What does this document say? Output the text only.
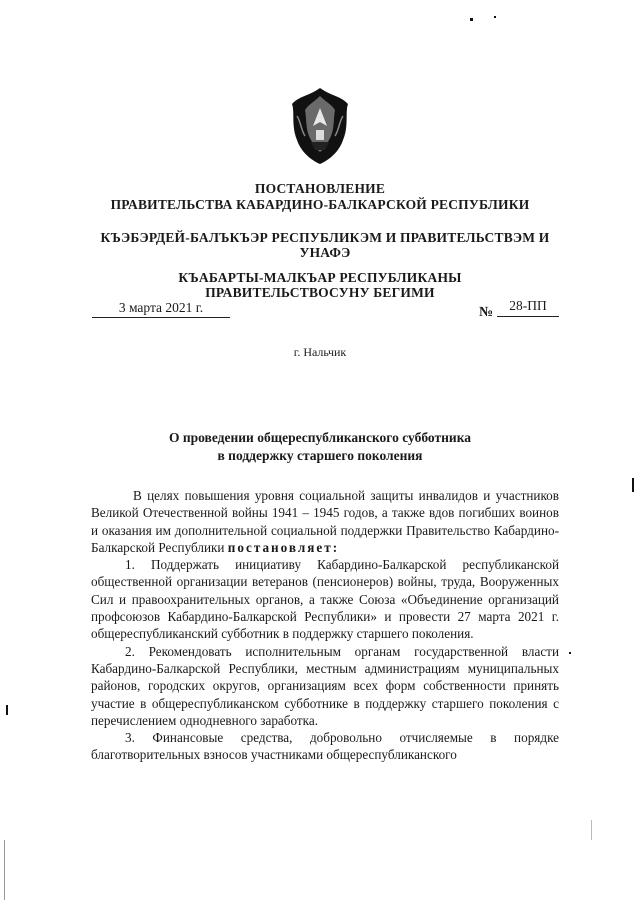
ПОСТАНОВЛЕНИЕ
ПРАВИТЕЛЬСТВА КАБАРДИНО-БАЛКАРСКОЙ РЕСПУБЛИКИ
КЪЭБЭРДЕЙ-БАЛЪКЪЭР РЕСПУБЛИКЭМ И ПРАВИТЕЛЬСТВЭМ И УНАФЭ
КЪАБАРТЫ-МАЛКЪАР РЕСПУБЛИКАНЫ ПРАВИТЕЛЬСТВОСУНУ БЕГИМИ
3 марта 2021 г.	№	28-ПП
г. Нальчик
О проведении общереспубликанского субботника
в поддержку старшего поколения

В целях повышения уровня социальной защиты инвалидов и участников Великой Отечественной войны 1941 – 1945 годов, а также вдов погибших воинов и оказания им дополнительной социальной поддержки Правительство Кабардино-Балкарской Республики постановляет:

1. Поддержать инициативу Кабардино-Балкарской республиканской общественной организации ветеранов (пенсионеров) войны, труда, Вооруженных Сил и правоохранительных органов, а также Союза «Объединение организаций профсоюзов Кабардино-Балкарской Республики» и провести 27 марта 2021 г. общереспубликанский субботник в поддержку старшего поколения.

2. Рекомендовать исполнительным органам государственной власти Кабардино-Балкарской Республики, местным администрациям муниципальных районов, городских округов, организациям всех форм собственности принять участие в общереспубликанском субботнике в поддержку старшего поколения с перечислением однодневного заработка.

3. Финансовые средства, добровольно отчисляемые в порядке благотворительных взносов участниками общереспубликанского
